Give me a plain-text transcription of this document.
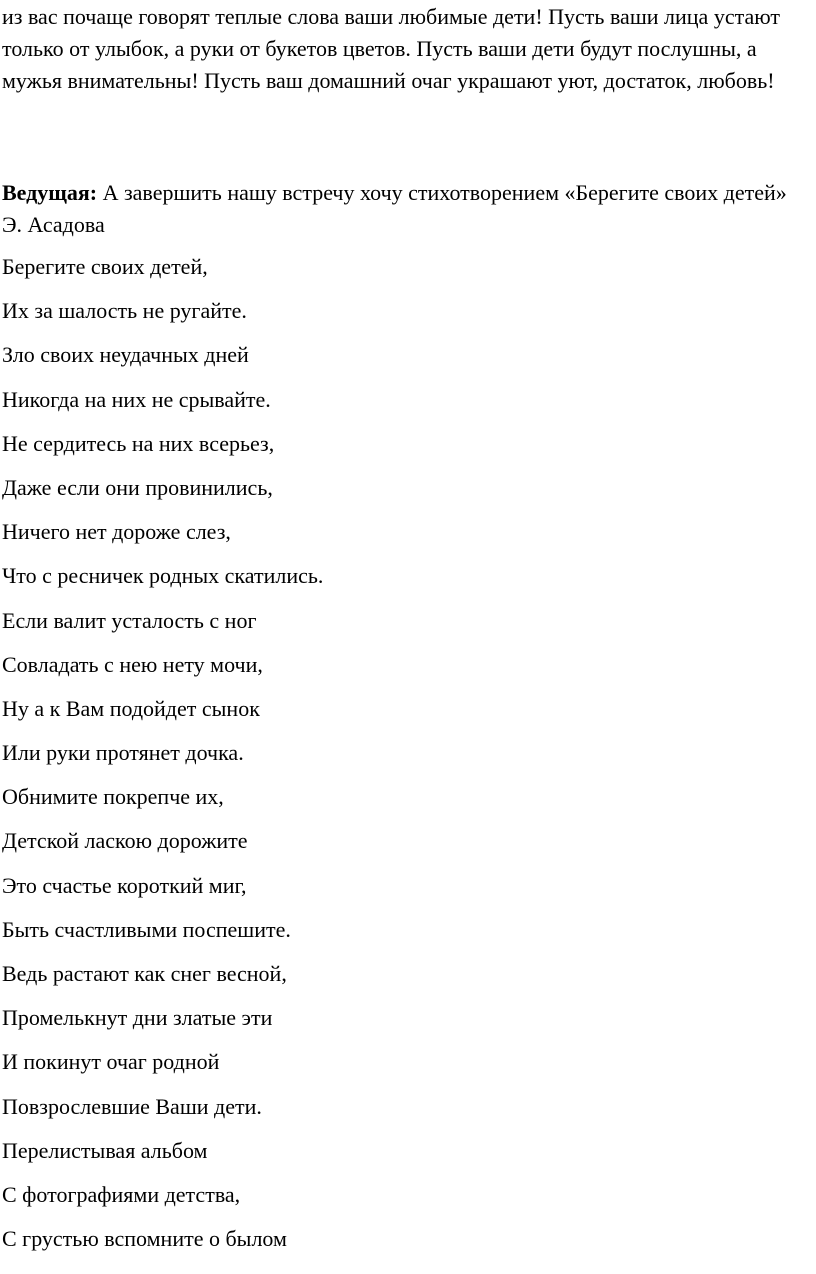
из вас почаще говорят теплые слова ваши любимые дети! Пусть ваши лица устают только от улыбок, а руки от букетов цветов. Пусть ваши дети будут послушны, а мужья внимательны! Пусть ваш домашний очаг украшают уют, достаток, любовь!

Ведущая: А завершить нашу встречу хочу стихотворением «Берегите своих детей» Э. Асадова

Берегите своих детей,
Их за шалость не ругайте.
Зло своих неудачных дней
Никогда на них не срывайте.
Не сердитесь на них всерьез,
Даже если они провинились,
Ничего нет дороже слез,
Что с ресничек родных скатились.
Если валит усталость с ног
Совладать с нею нету мочи,
Ну а к Вам подойдет сынок
Или руки протянет дочка.
Обнимите покрепче их,
Детской ласкою дорожите
Это счастье короткий миг,
Быть счастливыми поспешите.
Ведь растают как снег весной,
Промелькнут дни златые эти
И покинут очаг родной
Повзрослевшие Ваши дети.
Перелистывая альбом
С фотографиями детства,
С грустью вспомните о былом
